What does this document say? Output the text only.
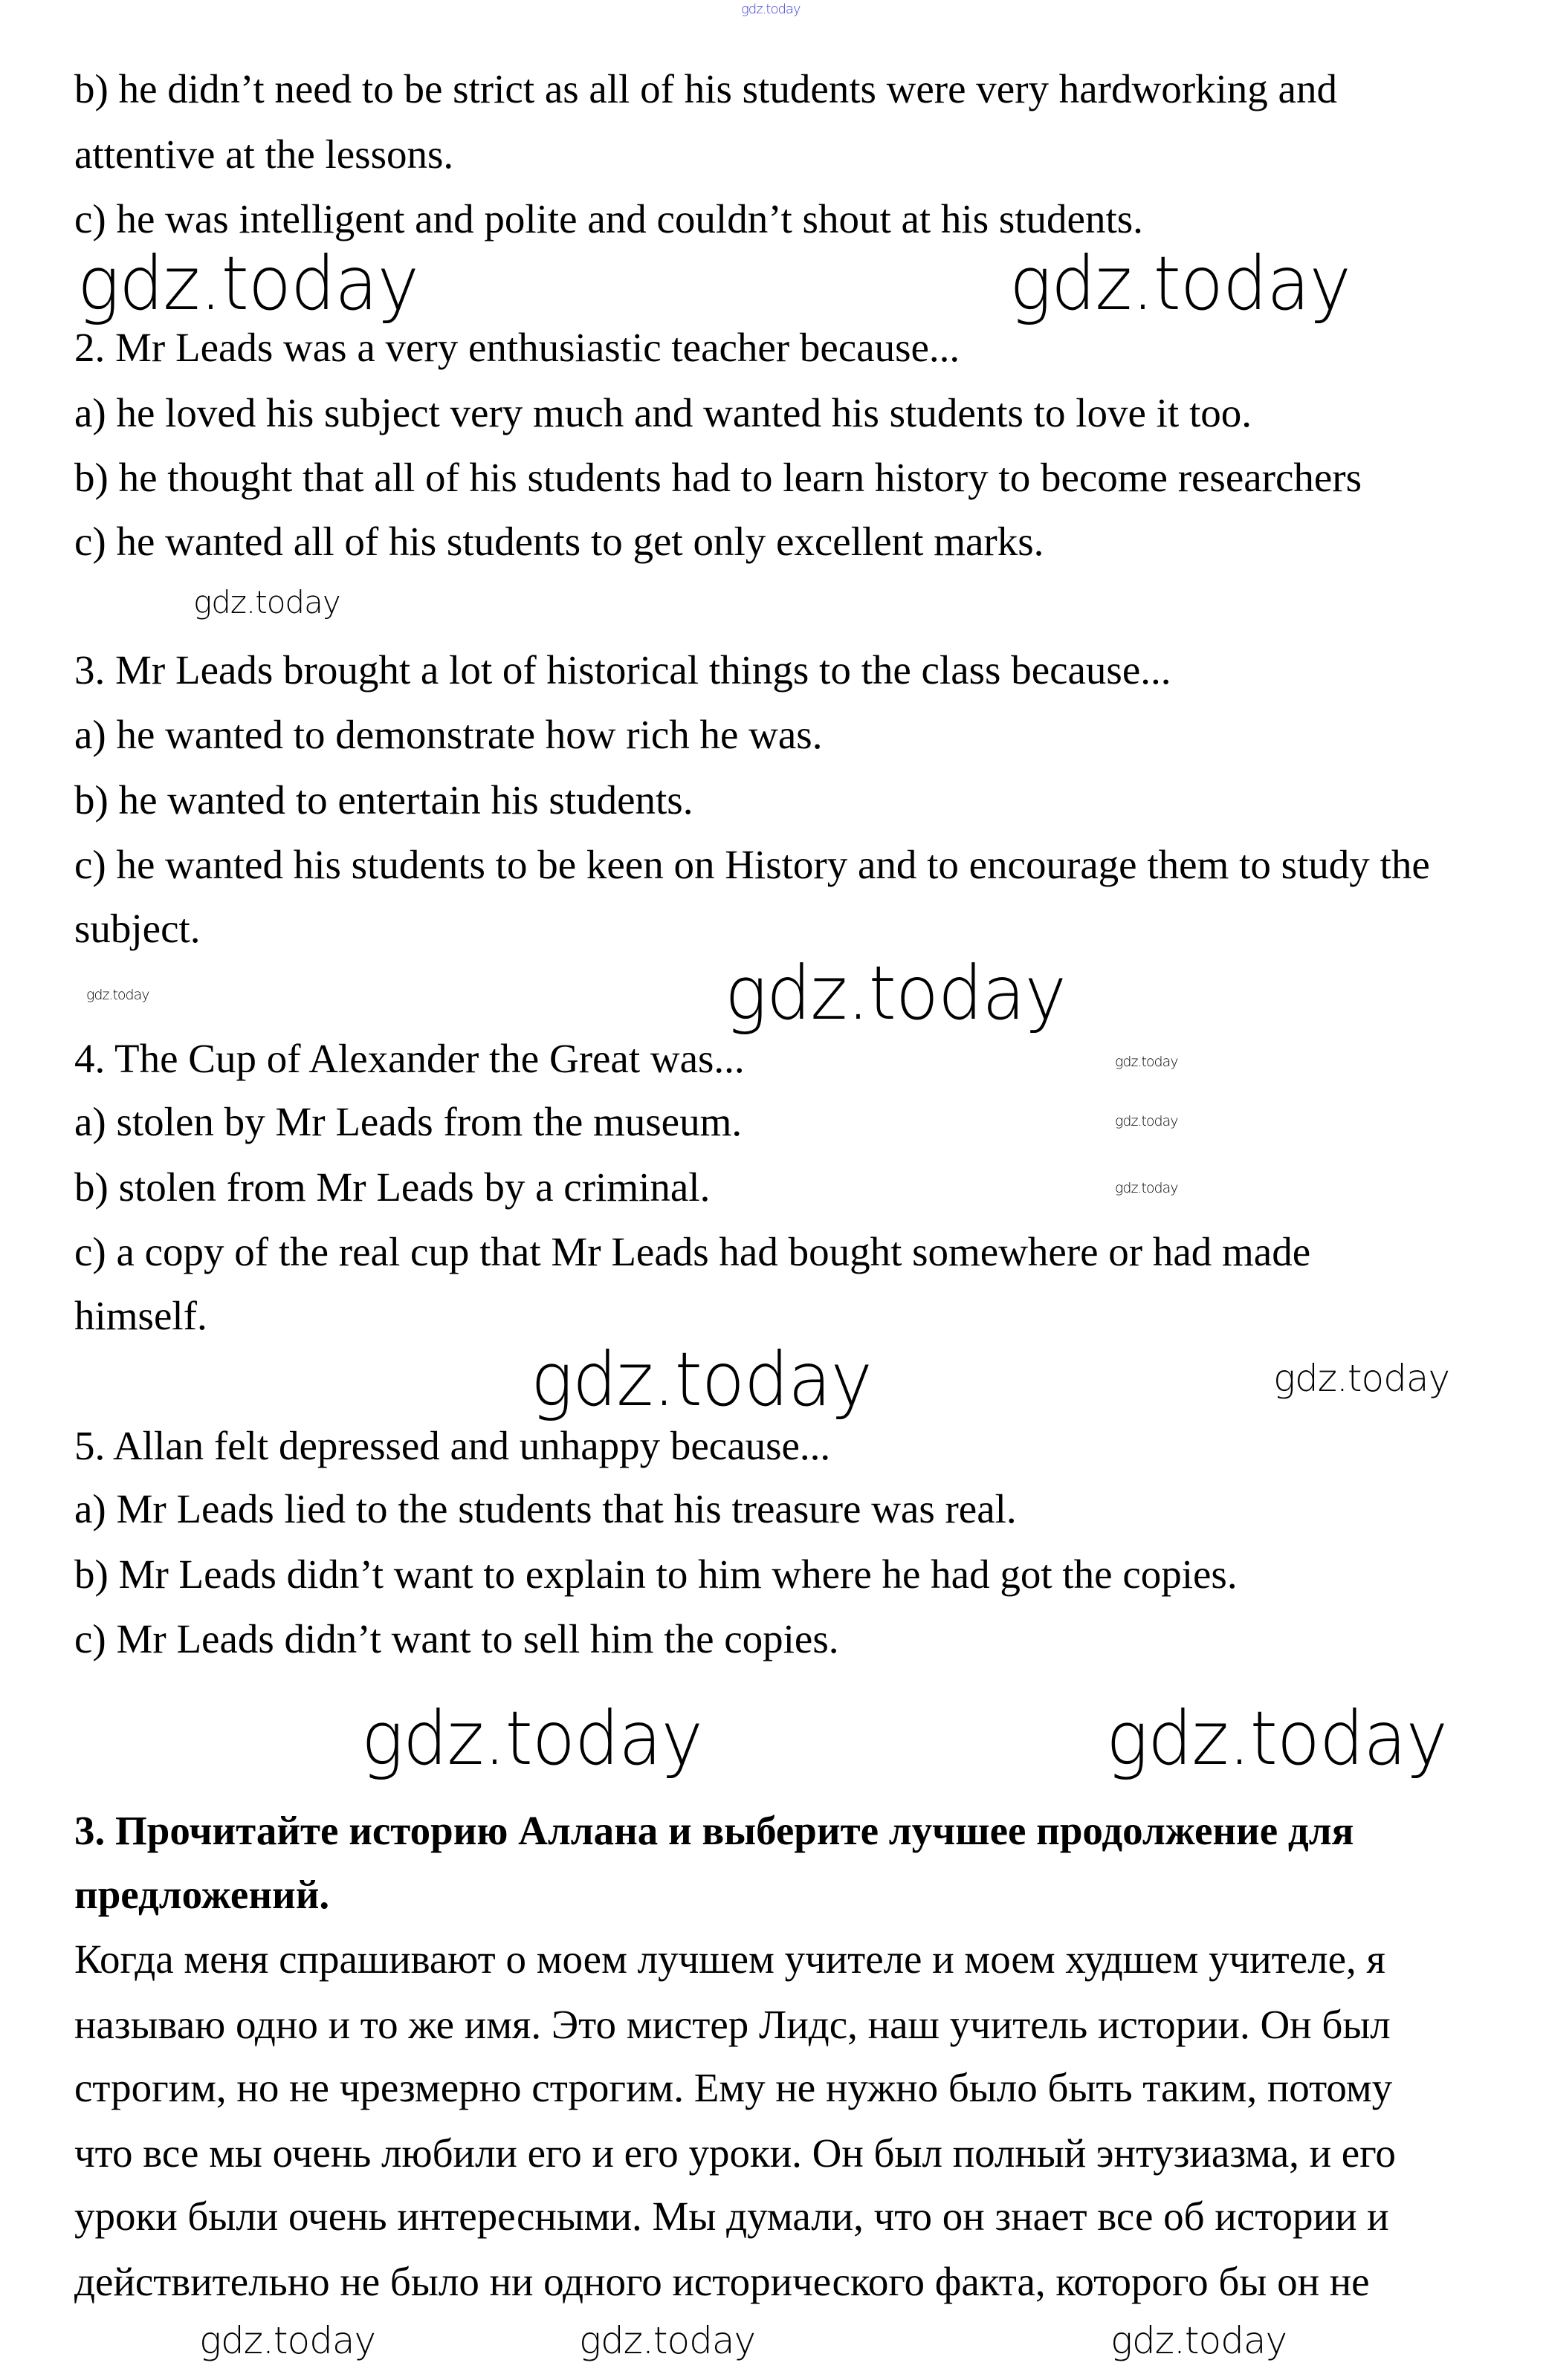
b) he didn’t need to be strict as all of his students were very hardworking and
attentive at the lessons.
c) he was intelligent and polite and couldn’t shout at his students.
2. Mr Leads was a very enthusiastic teacher because...
a) he loved his subject very much and wanted his students to love it too.
b) he thought that all of his students had to learn history to become researchers
c) he wanted all of his students to get only excellent marks.
3. Mr Leads brought a lot of historical things to the class because...
a) he wanted to demonstrate how rich he was.
b) he wanted to entertain his students.
c) he wanted his students to be keen on History and to encourage them to study the
subject.
4. The Cup of Alexander the Great was...
a) stolen by Mr Leads from the museum.
b) stolen from Mr Leads by a criminal.
c) a copy of the real cup that Mr Leads had bought somewhere or had made
himself.
5. Allan felt depressed and unhappy because...
a) Mr Leads lied to the students that his treasure was real.
b) Mr Leads didn’t want to explain to him where he had got the copies.
c) Mr Leads didn’t want to sell him the copies.
3. Прочитайте историю Аллана и выберите лучшее продолжение для
предложений.
Когда меня спрашивают о моем лучшем учителе и моем худшем учителе, я
называю одно и то же имя. Это мистер Лидс, наш учитель истории. Он был
строгим, но не чрезмерно строгим. Ему не нужно было быть таким, потому
что все мы очень любили его и его уроки. Он был полный энтузиазма, и его
уроки были очень интересными. Мы думали, что он знает все об истории и
действительно не было ни одного исторического факта, которого бы он не
gdz.today
gdz.today	gdz.today
gdz.today
gdz.today
gdz.today
gdz.today
gdz.today
gdz.today
gdz.today	gdz.today
gdz.today	gdz.today
gdz.today	gdz.today	gdz.today
